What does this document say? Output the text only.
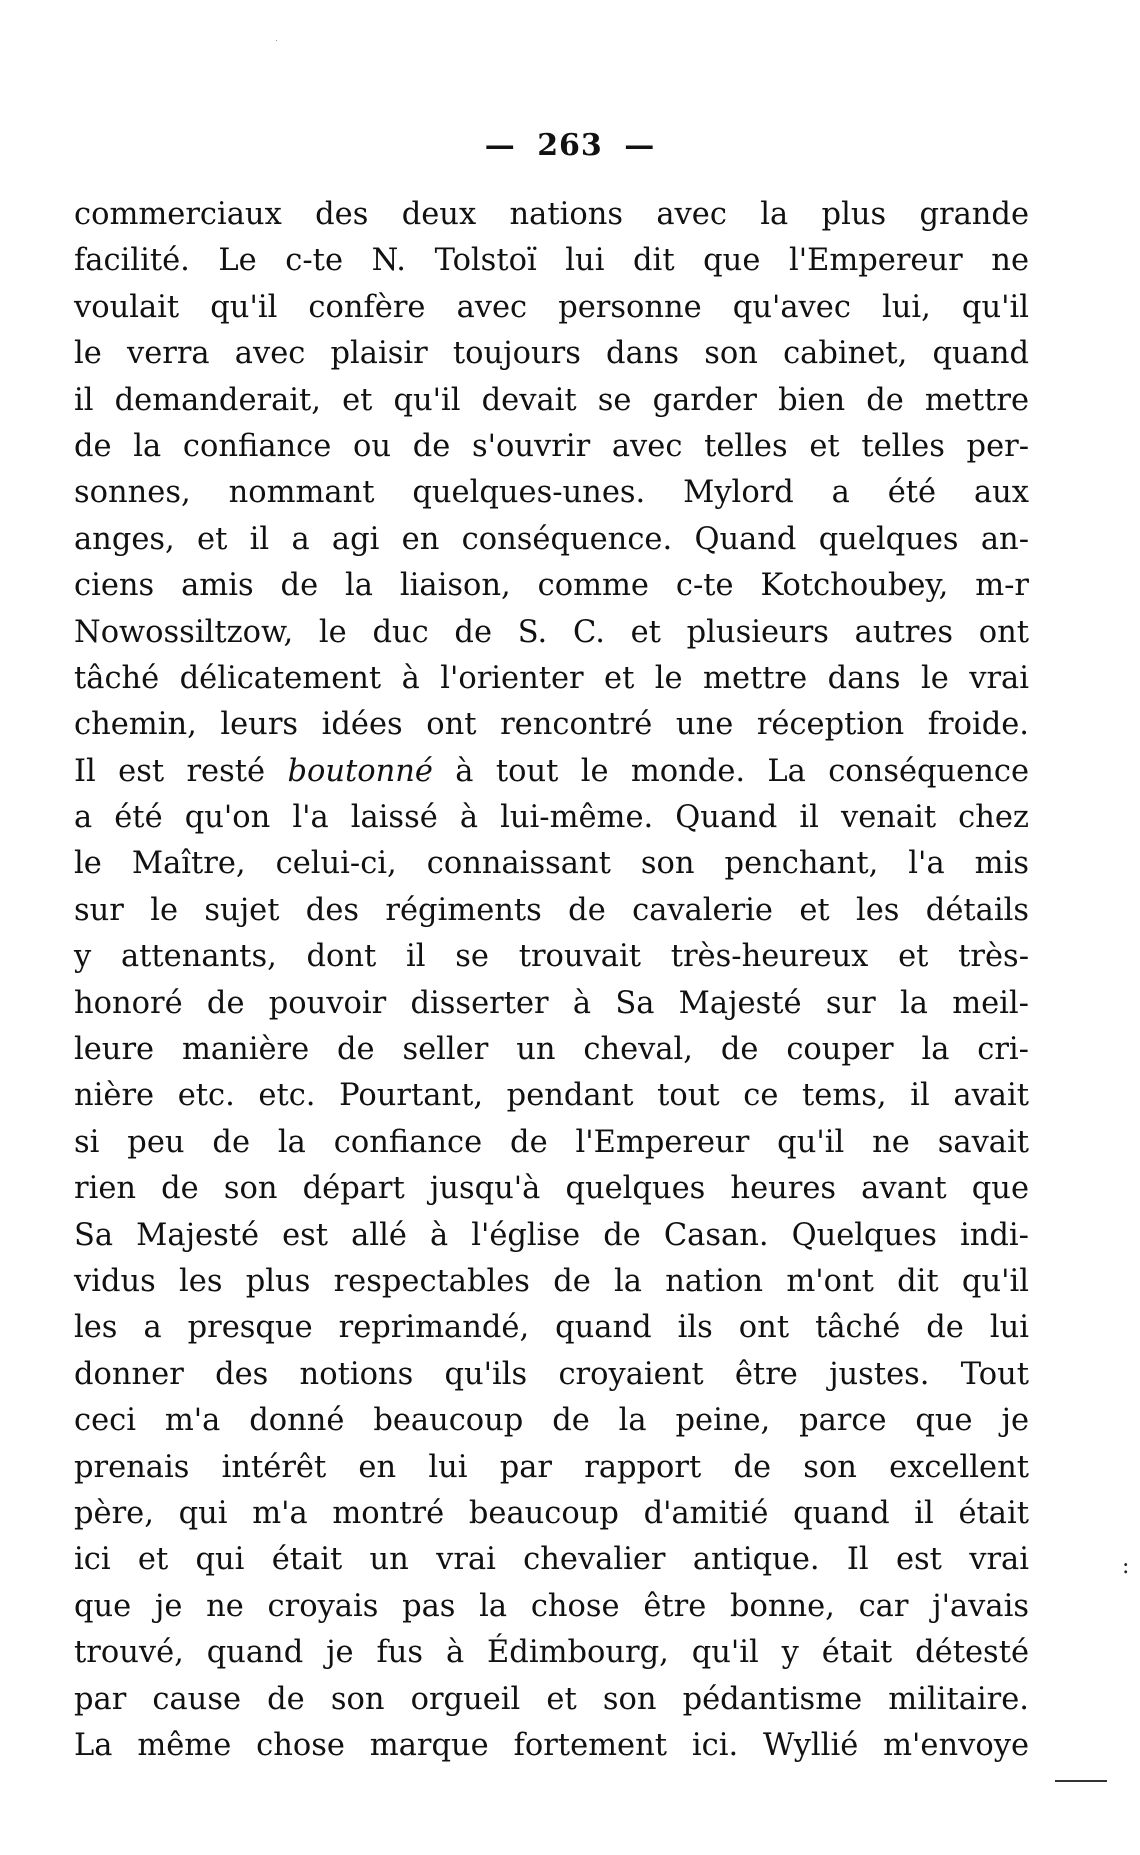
— 263 —
commerciaux des deux nations avec la plus grande
facilité. Le c-te N. Tolstoï lui dit que l'Empereur ne
voulait qu'il confère avec personne qu'avec lui, qu'il
le verra avec plaisir toujours dans son cabinet, quand
il demanderait, et qu'il devait se garder bien de mettre
de la confiance ou de s'ouvrir avec telles et telles per-
sonnes, nommant quelques-unes. Mylord a été aux
anges, et il a agi en conséquence. Quand quelques an-
ciens amis de la liaison, comme c-te Kotchoubey, m-r
Nowossiltzow, le duc de S. C. et plusieurs autres ont
tâché délicatement à l'orienter et le mettre dans le vrai
chemin, leurs idées ont rencontré une réception froide.
Il est resté boutonné à tout le monde. La conséquence
a été qu'on l'a laissé à lui-même. Quand il venait chez
le Maître, celui-ci, connaissant son penchant, l'a mis
sur le sujet des régiments de cavalerie et les détails
y attenants, dont il se trouvait très-heureux et très-
honoré de pouvoir disserter à Sa Majesté sur la meil-
leure manière de seller un cheval, de couper la cri-
nière etc. etc. Pourtant, pendant tout ce tems, il avait
si peu de la confiance de l'Empereur qu'il ne savait
rien de son départ jusqu'à quelques heures avant que
Sa Majesté est allé à l'église de Casan. Quelques indi-
vidus les plus respectables de la nation m'ont dit qu'il
les a presque reprimandé, quand ils ont tâché de lui
donner des notions qu'ils croyaient être justes. Tout
ceci m'a donné beaucoup de la peine, parce que je
prenais intérêt en lui par rapport de son excellent
père, qui m'a montré beaucoup d'amitié quand il était
ici et qui était un vrai chevalier antique. Il est vrai
que je ne croyais pas la chose être bonne, car j'avais
trouvé, quand je fus à Édimbourg, qu'il y était détesté
par cause de son orgueil et son pédantisme militaire.
La même chose marque fortement ici. Wyllié m'envoye
:
